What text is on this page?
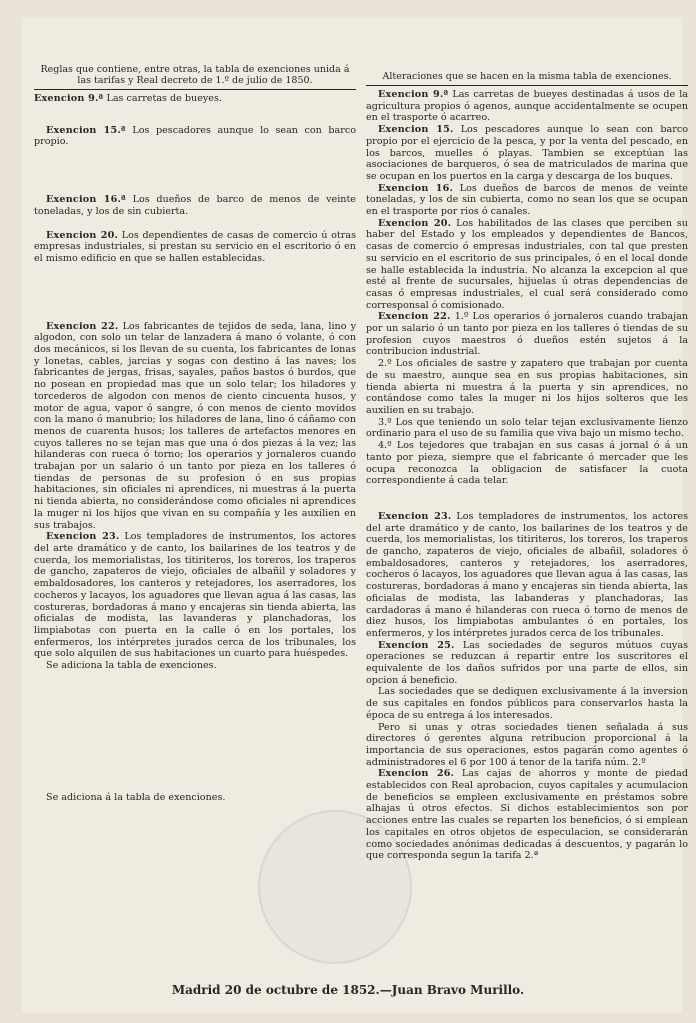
Reglas que contiene, entre otras, la tabla de exenciones unida á las tarifas y Real decreto de 1.º de julio de 1850.

Exencion 9.ª Las carretas de bueyes.

Exencion 15.ª Los pescadores aunque lo sean con barco propio.

Exencion 16.ª Los dueños de barco de menos de veinte toneladas, y los de sin cubierta.

Exencion 20. Los dependientes de casas de comercio ú otras empresas industriales, si prestan su servicio en el escritorio ó en el mismo edificio en que se hallen establecidas.

Exencion 22. Los fabricantes de tejidos de seda, lana, lino y algodon, con solo un telar de lanzadera á mano ó volante, ó con dos mecánicos, si los llevan de su cuenta, los fabricantes de lonas y lonetas, cables, jarcias y sogas con destino á las naves; los fabricantes de jergas, frisas, sayales, paños bastos ó burdos, que no posean en propiedad mas que un solo telar; los hiladores y torcederos de algodon con menos de ciento cincuenta husos, y motor de agua, vapor ó sangre, ó con menos de ciento movidos con la mano ó manubrio; los hiladores de lana, lino ó cáñamo con menos de cuarenta husos; los talleres de artefactos menores en cuyos talleres no se tejan mas que una ó dos piezas á la vez; las hilanderas con rueca ó torno; los operarios y jornaleros cuando trabajan por un salario ó un tanto por pieza en los talleres ó tiendas de personas de su profesion ó en sus propias habitaciones, sin oficiales ni aprendices, ni muestras á la puerta ni tienda abierta, no considerándose como oficiales ni aprendices la muger ni los hijos que vivan en su compañía y les auxilien en sus trabajos.

Exencion 23. Los templadores de instrumentos, los actores del arte dramático y de canto, los bailarines de los teatros y de cuerda, los memorialistas, los titiriteros, los toreros, los traperos de gancho, zapateros de viejo, oficiales de albañil y soladores y embaldosadores, los canteros y retejadores, los aserradores, los cocheros y lacayos, los aguadores que llevan agua á las casas, las costureras, bordadoras á mano y encajeras sin tienda abierta, las oficialas de modista, las lavanderas y planchadoras, los limpiabotas con puerta en la calle ó en los portales, los enfermeros, los intérpretes jurados cerca de los tribunales, los que solo alquilen de sus habitaciones un cuarto para huéspedes.

Se adiciona la tabla de exenciones.

Se adiciona á la tabla de exenciones.

Alteraciones que se hacen en la misma tabla de exenciones.

Exencion 9.ª Las carretas de bueyes destinadas á usos de la agricultura propios ó agenos, aunque accidentalmente se ocupen en el trasporte ó acarreo.

Exencion 15. Los pescadores aunque lo sean con barco propio por el ejercicio de la pesca, y por la venta del pescado, en los barcos, muelles ó playas. Tambien se exceptúan las asociaciones de barqueros, ó sea de matriculados de marina que se ocupan en los puertos en la carga y descarga de los buques.

Exencion 16. Los dueños de barcos de menos de veinte toneladas, y los de sin cubierta, como no sean los que se ocupan en el trasporte por rios ó canales.

Exencion 20. Los habilitados de las clases que perciben su haber del Estado y los empleados y dependientes de Bancos, casas de comercio ó empresas industriales, con tal que presten su servicio en el escritorio de sus principales, ó en el local donde se halle establecida la industria. No alcanza la excepcion al que esté al frente de sucursales, hijuelas ú otras dependencias de casas ó empresas industriales, el cual será considerado como corresponsal ó comisionado.

Exencion 22. 1.º Los operarios ó jornaleros cuando trabajan por un salario ó un tanto por pieza en los talleres ó tiendas de su profesion cuyos maestros ó dueños estén sujetos á la contribucion industrial.

2.º Los oficiales de sastre y zapatero que trabajan por cuenta de su maestro, aunque sea en sus propias habitaciones, sin tienda abierta ni muestra á la puerta y sin aprendices, no contándose como tales la muger ni los hijos solteros que les auxilien en su trabajo.

3.º Los que teniendo un solo telar tejan exclusivamente lienzo ordinario para el uso de su familia que viva bajo un mismo techo.

4.º Los tejedores que trabajan en sus casas á jornal ó á un tanto por pieza, siempre que el fabricante ó mercader que les ocupa reconozca la obligacion de satisfacer la cuota correspondiente á cada telar.

Exencion 23. Los templadores de instrumentos, los actores del arte dramático y de canto, los bailarines de los teatros y de cuerda, los memorialistas, los titiriteros, los toreros, los traperos de gancho, zapateros de viejo, oficiales de albañil, soladores ó embaldosadores, canteros y retejadores, los aserradores, cocheros ó lacayos, los aguadores que llevan agua á las casas, las costureras, bordadoras á mano y encajeras sin tienda abierta, las oficialas de modista, las labanderas y planchadoras, las cardadoras á mano é hilanderas con rueca ó torno de menos de diez husos, los limpiabotas ambulantes ó en portales, los enfermeros, y los intérpretes jurados cerca de los tribunales.

Exencion 25. Las sociedades de seguros mútuos cuyas operaciones se reduzcan á repartir entre los suscritores el equivalente de los daños sufridos por una parte de ellos, sin opcion á beneficio.

Las sociedades que se dediquen exclusivamente á la inversion de sus capitales en fondos públicos para conservarlos hasta la época de su entrega á los interesados.

Pero si unas y otras sociedades tienen señalada á sus directores ó gerentes alguna retribucion proporcional á la importancia de sus operaciones, estos pagarán como agentes ó administradores el 6 por 100 á tenor de la tarifa núm. 2.º

Exencion 26. Las cajas de ahorros y monte de piedad establecidos con Real aprobacion, cuyos capitales y acumulacion de beneficios se empleen exclusivamente en préstamos sobre alhajas ú otros efectos. Si dichos establecimientos son por acciones entre las cuales se reparten los beneficios, ó si emplean los capitales en otros objetos de especulacion, se considerarán como sociedades anónimas dedicadas á descuentos, y pagarán lo que corresponda segun la tarifa 2.ª

Madrid 20 de octubre de 1852.—Juan Bravo Murillo.
